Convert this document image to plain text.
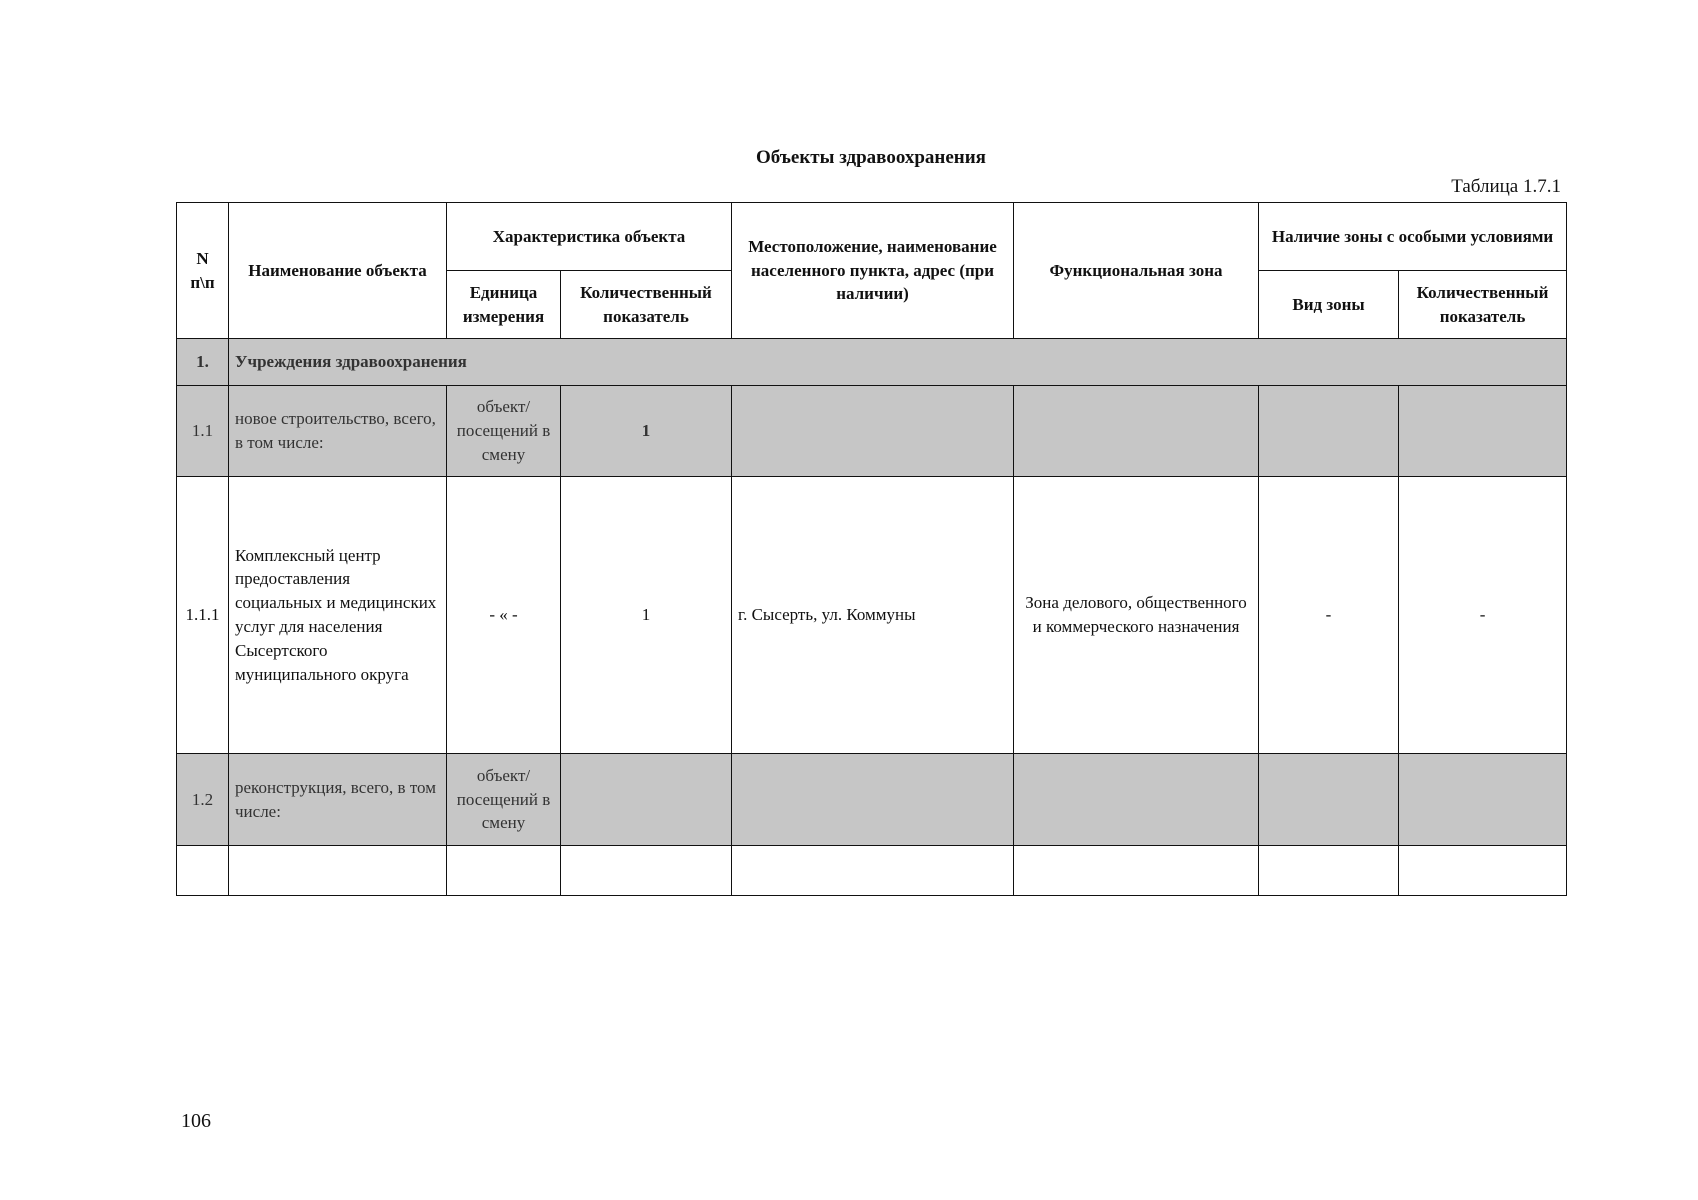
Объекты здравоохранения
Таблица 1.7.1
N п\п	Наименование объекта	Характеристика объекта		Местоположение, наименование населенного пункта, адрес (при наличии)	Функциональная зона	Наличие зоны с особыми условиями	
		Единица измерения	Количественный показатель			Вид зоны	Количественный показатель
1.	Учреждения здравоохранения						
1.1	новое строительство, всего, в том числе:	объект/ посещений в смену	1				
1.1.1	Комплексный центр предоставления социальных и медицинских услуг для населения Сысертского муниципального округа	- « -	1	г. Сысерть, ул. Коммуны	Зона делового, общественного и коммерческого назначения	-	-
1.2	реконструкция, всего, в том числе:	объект/ посещений в смену					

106
